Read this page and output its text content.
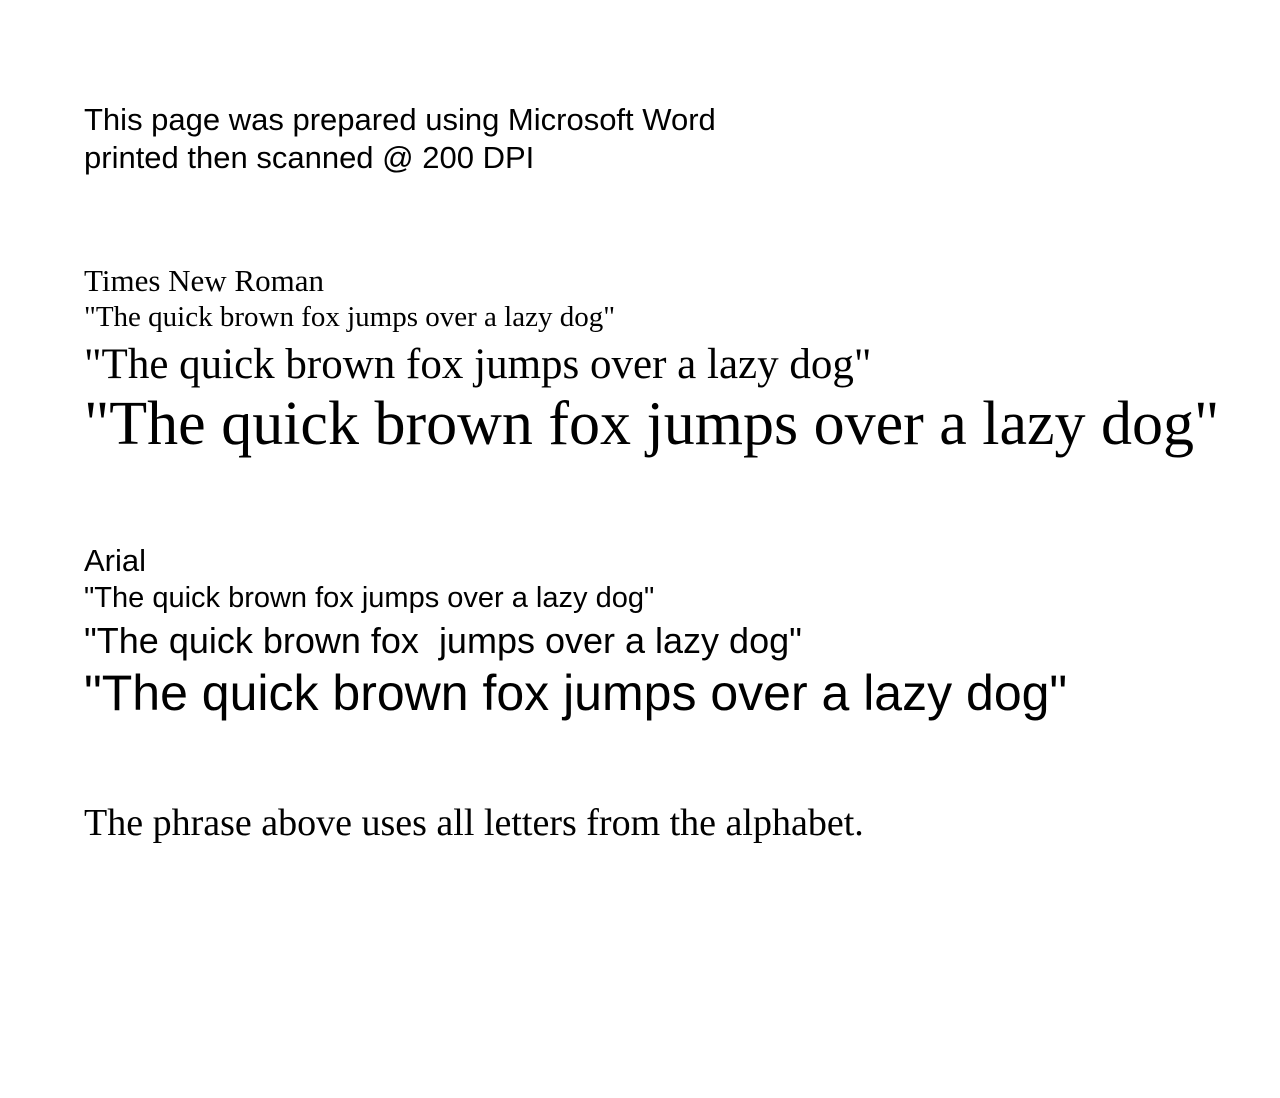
This page was prepared using Microsoft Word
printed then scanned @ 200 DPI
Times New Roman
"The quick brown fox jumps over a lazy dog"
"The quick brown fox jumps over a lazy dog"
"The quick brown fox jumps over a lazy dog"
Arial
"The quick brown fox jumps over a lazy dog"
"The quick brown fox  jumps over a lazy dog"
"The quick brown fox jumps over a lazy dog"
The phrase above uses all letters from the alphabet.
